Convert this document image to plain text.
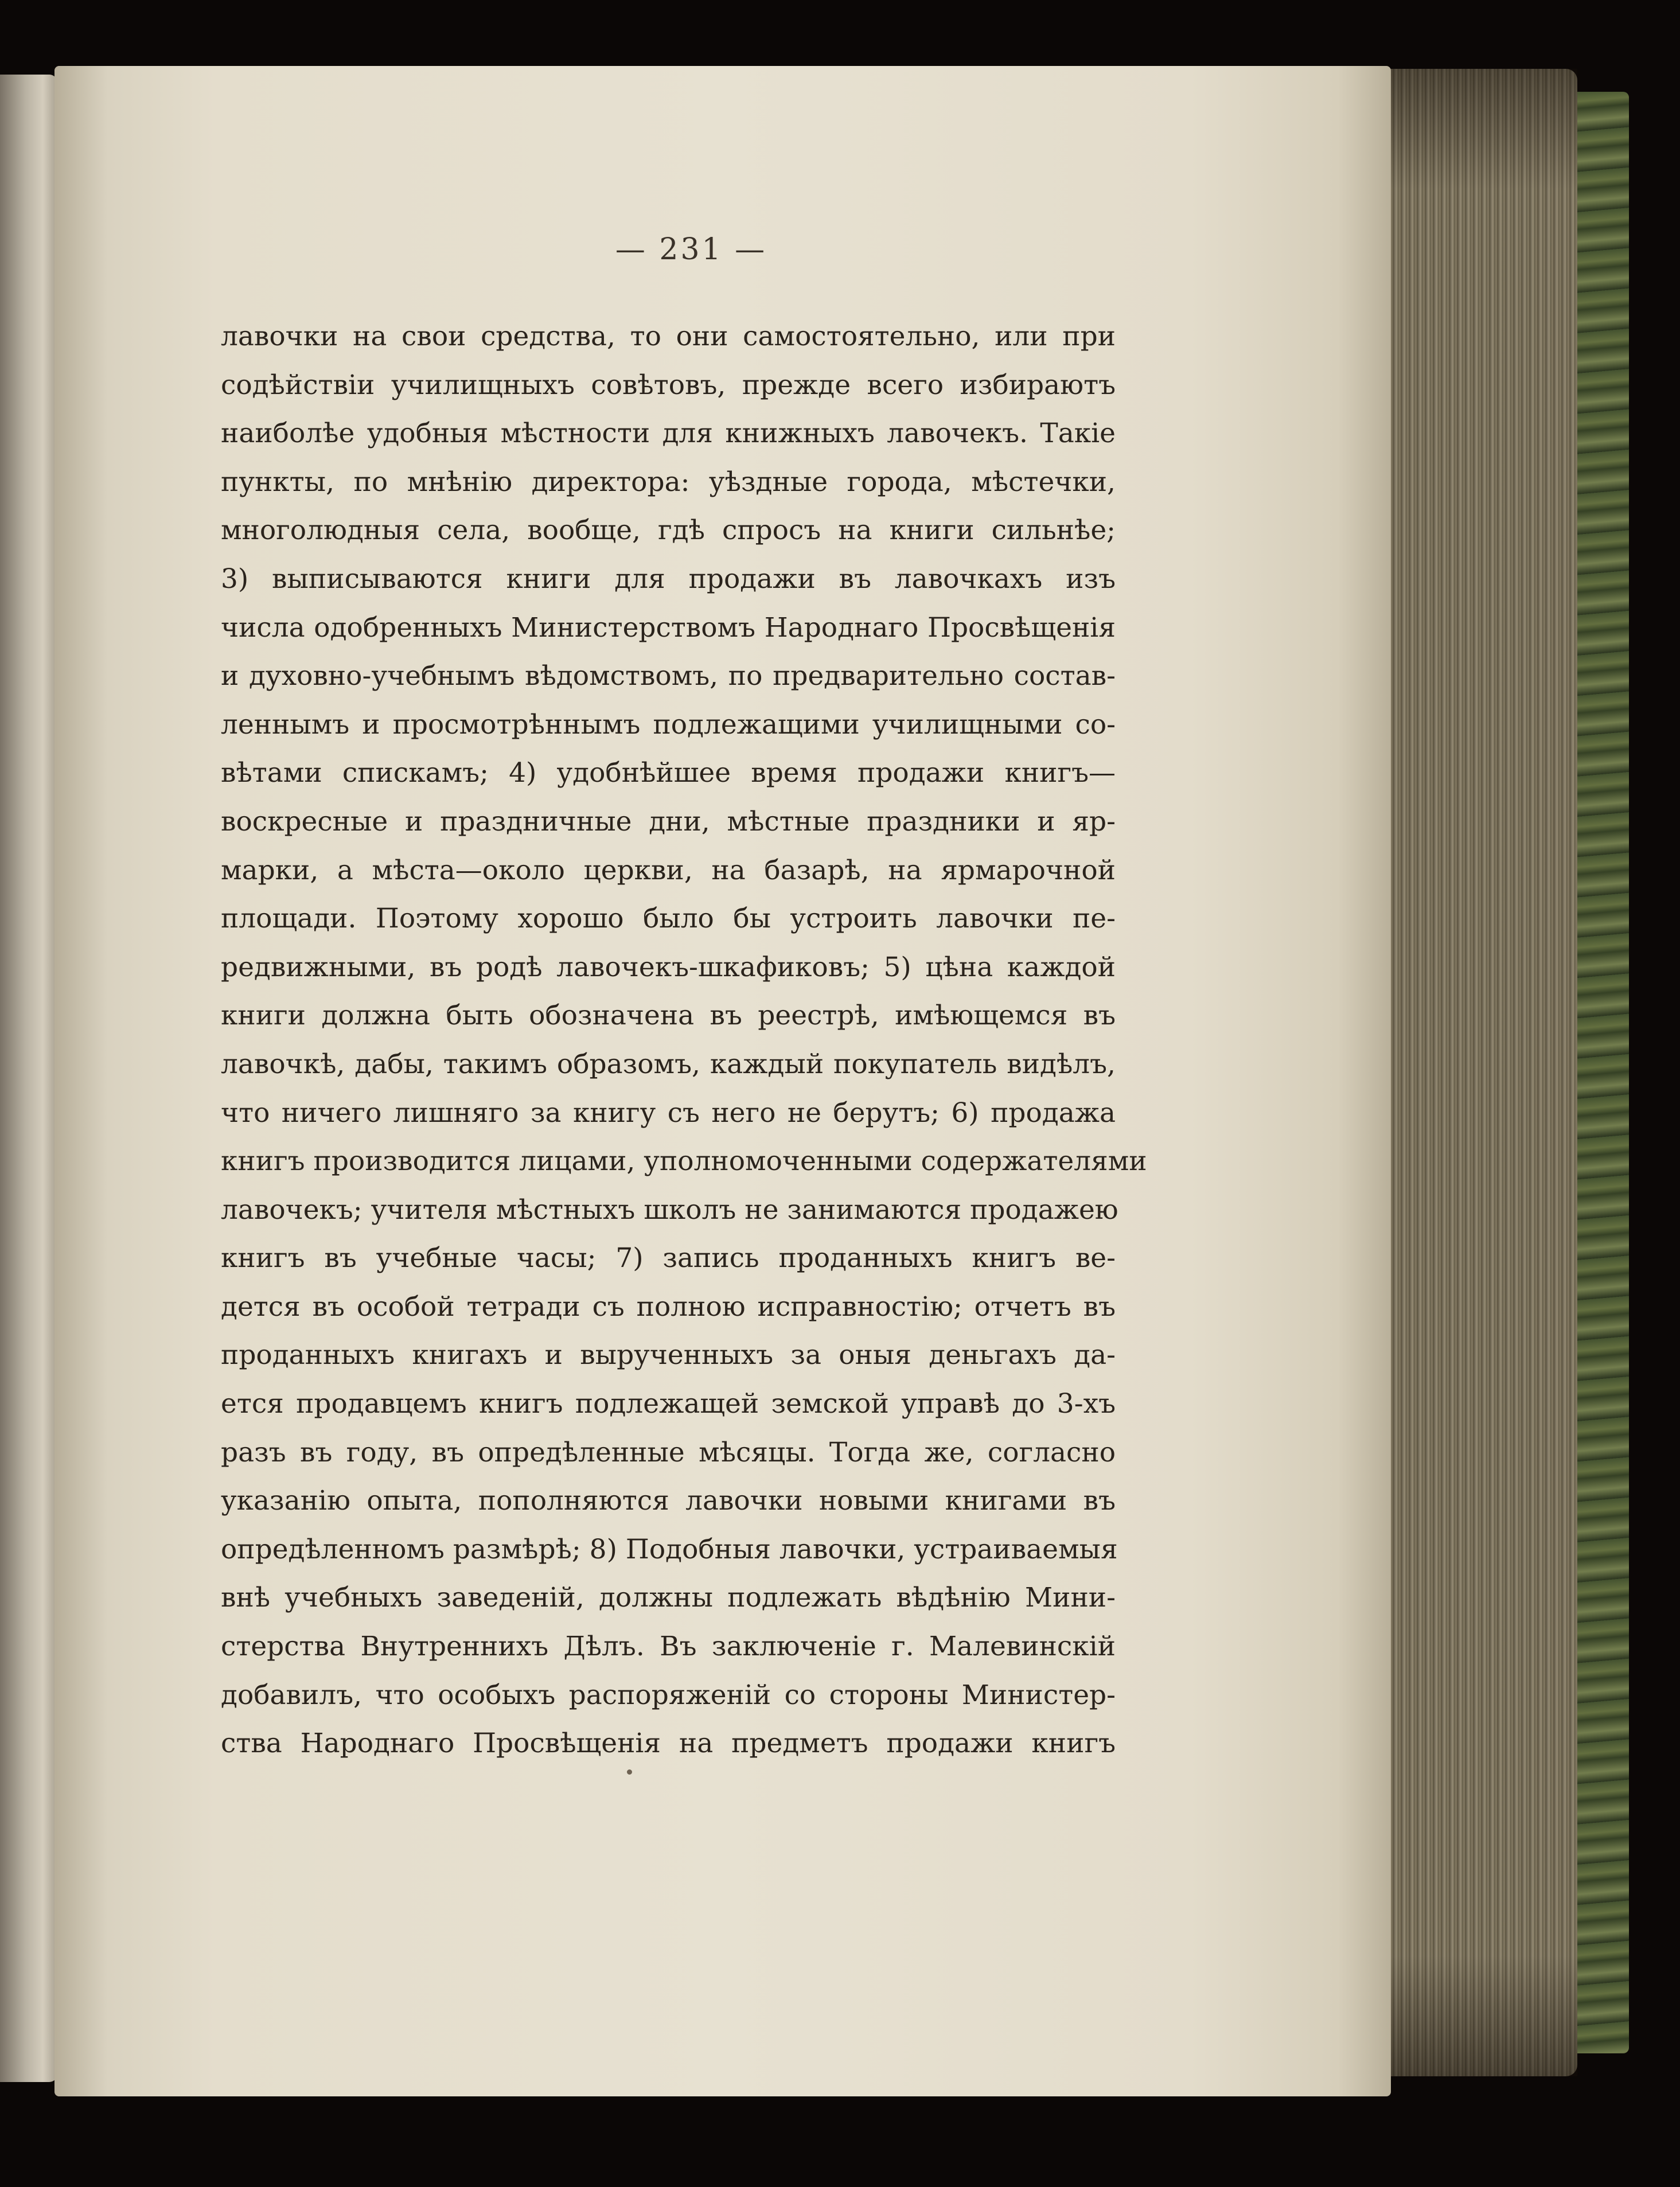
— 231 —
лавочки на свои средства, то они самостоятельно, или при
содѣйствіи училищныхъ совѣтовъ, прежде всего избираютъ
наиболѣе удобныя мѣстности для книжныхъ лавочекъ. Такіе
пункты, по мнѣнію директора: уѣздные города, мѣстечки,
многолюдныя села, вообще, гдѣ спросъ на книги сильнѣе;
3) выписываются книги для продажи въ лавочкахъ изъ
числа одобренныхъ Министерствомъ Народнаго Просвѣщенія
и духовно-учебнымъ вѣдомствомъ, по предварительно состав-
леннымъ и просмотрѣннымъ подлежащими училищными со-
вѣтами спискамъ; 4) удобнѣйшее время продажи книгъ—
воскресные и праздничные дни, мѣстные праздники и яр-
марки, а мѣста—около церкви, на базарѣ, на ярмарочной
площади. Поэтому хорошо было бы устроить лавочки пе-
редвижными, въ родѣ лавочекъ-шкафиковъ; 5) цѣна каждой
книги должна быть обозначена въ реестрѣ, имѣющемся въ
лавочкѣ, дабы, такимъ образомъ, каждый покупатель видѣлъ,
что ничего лишняго за книгу съ него не берутъ; 6) продажа
книгъ производится лицами, уполномоченными содержателями
лавочекъ; учителя мѣстныхъ школъ не занимаются продажею
книгъ въ учебные часы; 7) запись проданныхъ книгъ ве-
дется въ особой тетради съ полною исправностію; отчетъ въ
проданныхъ книгахъ и вырученныхъ за оныя деньгахъ да-
ется продавцемъ книгъ подлежащей земской управѣ до 3-хъ
разъ въ году, въ опредѣленные мѣсяцы. Тогда же, согласно
указанію опыта, пополняются лавочки новыми книгами въ
опредѣленномъ размѣрѣ; 8) Подобныя лавочки, устраиваемыя
внѣ учебныхъ заведеній, должны подлежать вѣдѣнію Мини-
стерства Внутреннихъ Дѣлъ. Въ заключеніе г. Малевинскій
добавилъ, что особыхъ распоряженій со стороны Министер-
ства Народнаго Просвѣщенія на предметъ продажи книгъ
